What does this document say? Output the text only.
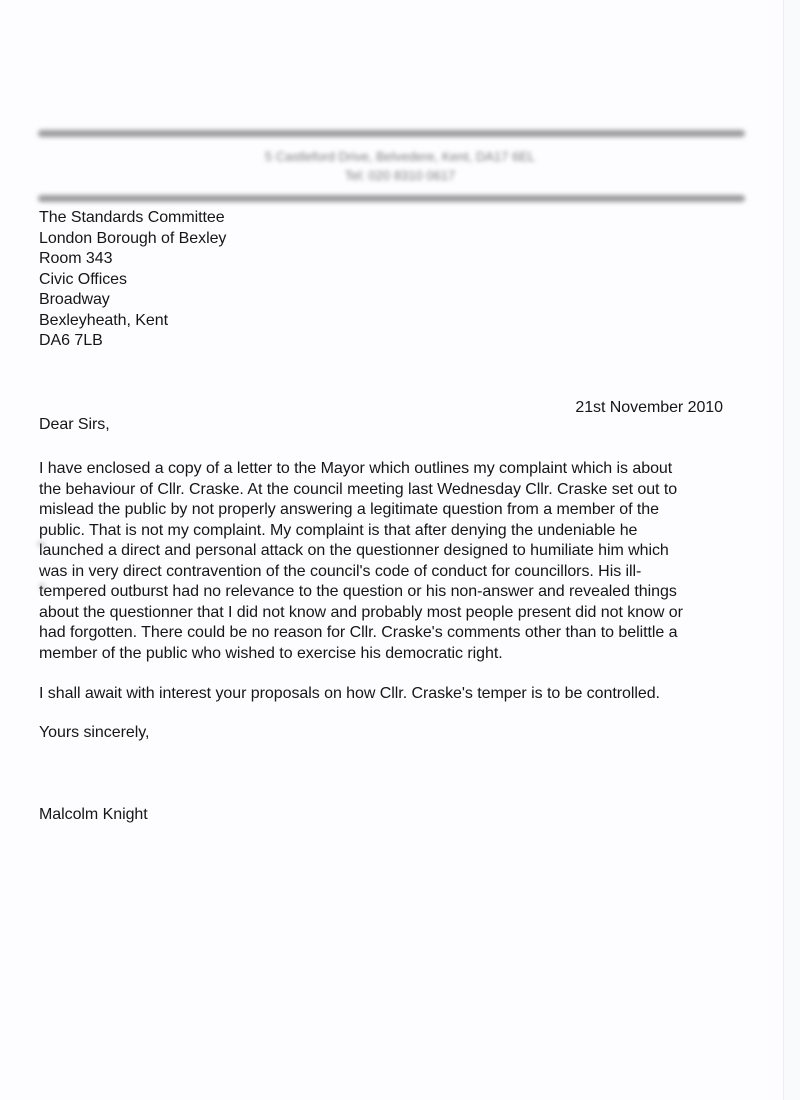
5 Castleford Drive, Belvedere, Kent, DA17 6EL
Tel: 020 8310 0617
The Standards Committee
London Borough of Bexley
Room 343
Civic Offices
Broadway
Bexleyheath, Kent
DA6 7LB
21st November 2010
Dear Sirs,
I have enclosed a copy of a letter to the Mayor which outlines my complaint which is about
the behaviour of Cllr. Craske. At the council meeting last Wednesday Cllr. Craske set out to
mislead the public by not properly answering a legitimate question from a member of the
public. That is not my complaint. My complaint is that after denying the undeniable he
launched a direct and personal attack on the questionner designed to humiliate him which
was in very direct contravention of the council's code of conduct for councillors. His ill-
tempered outburst had no relevance to the question or his non-answer and revealed things
about the questionner that I did not know and probably most people present did not know or
had forgotten. There could be no reason for Cllr. Craske's comments other than to belittle a
member of the public who wished to exercise his democratic right.
I shall await with interest your proposals on how Cllr. Craske's temper is to be controlled.
Yours sincerely,
Malcolm Knight
